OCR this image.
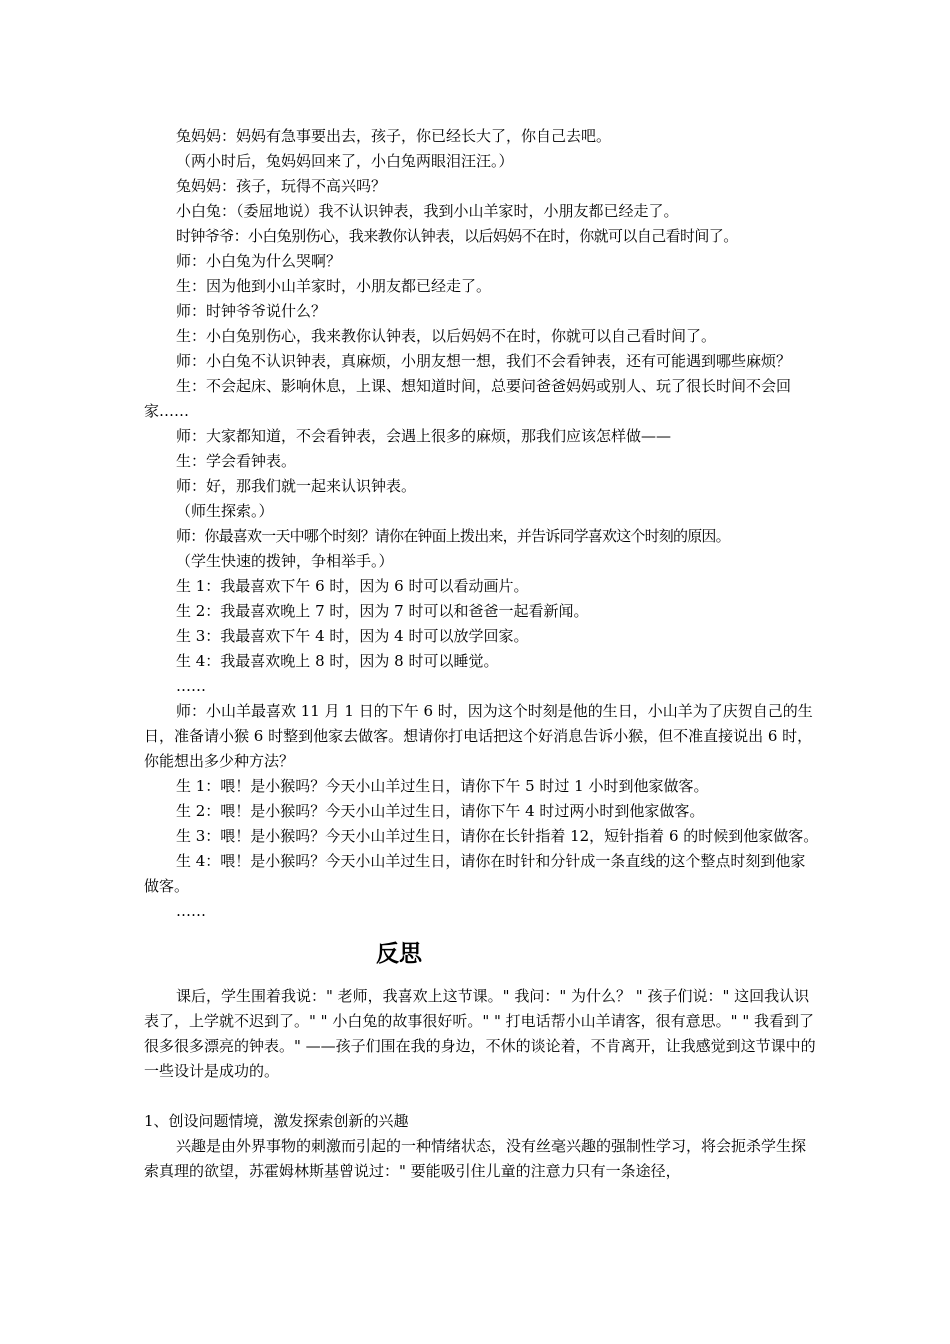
兔妈妈：妈妈有急事要出去，孩子，你已经长大了，你自己去吧。

（两小时后，兔妈妈回来了，小白兔两眼泪汪汪。）

兔妈妈：孩子，玩得不高兴吗？

小白兔：（委屈地说）我不认识钟表，我到小山羊家时，小朋友都已经走了。

时钟爷爷：小白兔别伤心，我来教你认钟表，以后妈妈不在时，你就可以自己看时间了。

师：小白兔为什么哭啊？

生：因为他到小山羊家时，小朋友都已经走了。

师：时钟爷爷说什么？

生：小白兔别伤心，我来教你认钟表，以后妈妈不在时，你就可以自己看时间了。

师：小白兔不认识钟表，真麻烦，小朋友想一想，我们不会看钟表，还有可能遇到哪些麻烦？

生：不会起床、影响休息，上课、想知道时间，总要问爸爸妈妈或别人、玩了很长时间不会回家……

师：大家都知道，不会看钟表，会遇上很多的麻烦，那我们应该怎样做——

生：学会看钟表。

师：好，那我们就一起来认识钟表。

（师生探索。）

师：你最喜欢一天中哪个时刻？请你在钟面上拨出来，并告诉同学喜欢这个时刻的原因。

（学生快速的拨钟，争相举手。）

生 1：我最喜欢下午 6 时，因为 6 时可以看动画片。

生 2：我最喜欢晚上 7 时，因为 7 时可以和爸爸一起看新闻。

生 3：我最喜欢下午 4 时，因为 4 时可以放学回家。

生 4：我最喜欢晚上 8 时，因为 8 时可以睡觉。

……

师：小山羊最喜欢 11 月 1 日的下午 6 时，因为这个时刻是他的生日，小山羊为了庆贺自己的生日，准备请小猴 6 时整到他家去做客。想请你打电话把这个好消息告诉小猴，但不准直接说出 6 时，你能想出多少种方法？

生 1：喂！是小猴吗？今天小山羊过生日，请你下午 5 时过 1 小时到他家做客。

生 2：喂！是小猴吗？今天小山羊过生日，请你下午 4 时过两小时到他家做客。

生 3：喂！是小猴吗？今天小山羊过生日，请你在长针指着 12，短针指着 6 的时候到他家做客。

生 4：喂！是小猴吗？今天小山羊过生日，请你在时针和分针成一条直线的这个整点时刻到他家做客。

……

反思

课后，学生围着我说：" 老师，我喜欢上这节课。" 我问：" 为什么？ " 孩子们说：" 这回我认识表了，上学就不迟到了。" " 小白兔的故事很好听。" " 打电话帮小山羊请客，很有意思。" " 我看到了很多很多漂亮的钟表。" ——孩子们围在我的身边，不休的谈论着，不肯离开，让我感觉到这节课中的一些设计是成功的。

1、创设问题情境，激发探索创新的兴趣

兴趣是由外界事物的刺激而引起的一种情绪状态，没有丝毫兴趣的强制性学习，将会扼杀学生探索真理的欲望，苏霍姆林斯基曾说过：" 要能吸引住儿童的注意力只有一条途径，
